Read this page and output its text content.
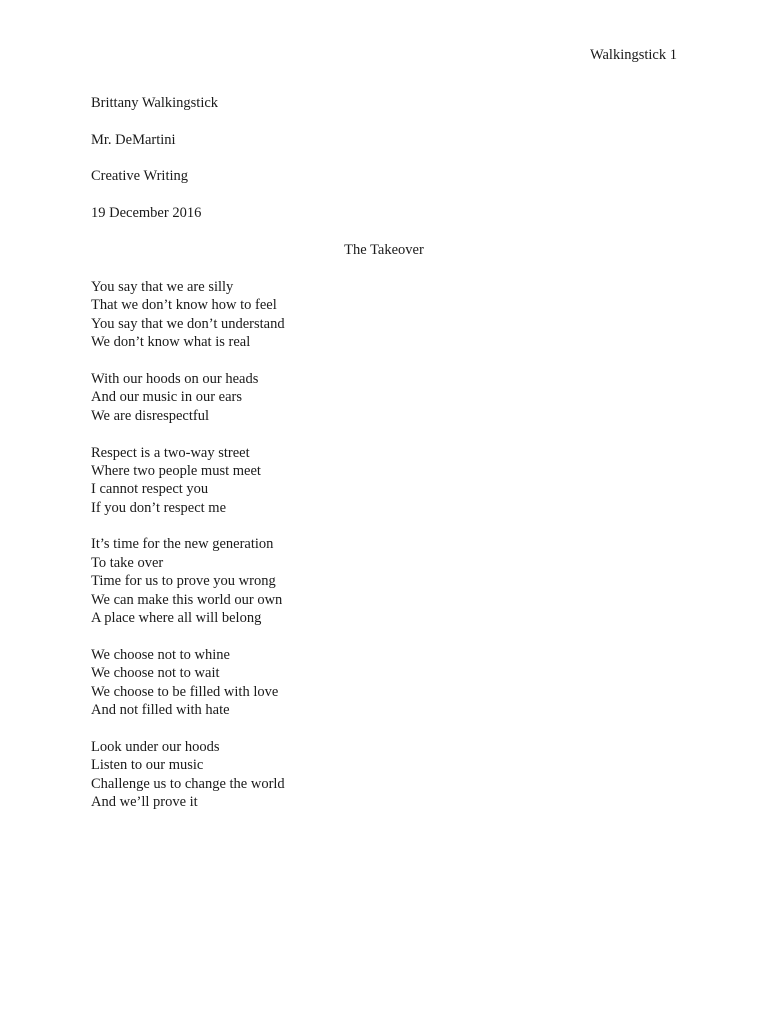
Walkingstick 1
Brittany Walkingstick
Mr. DeMartini
Creative Writing
19 December 2016
The Takeover
You say that we are silly
That we don’t know how to feel
You say that we don’t understand
We don’t know what is real
With our hoods on our heads
And our music in our ears
We are disrespectful
Respect is a two-way street
Where two people must meet
I cannot respect you
If you don’t respect me
It’s time for the new generation
To take over
Time for us to prove you wrong
We can make this world our own
A place where all will belong
We choose not to whine
We choose not to wait
We choose to be filled with love
And not filled with hate
Look under our hoods
Listen to our music
Challenge us to change the world
And we’ll prove it
